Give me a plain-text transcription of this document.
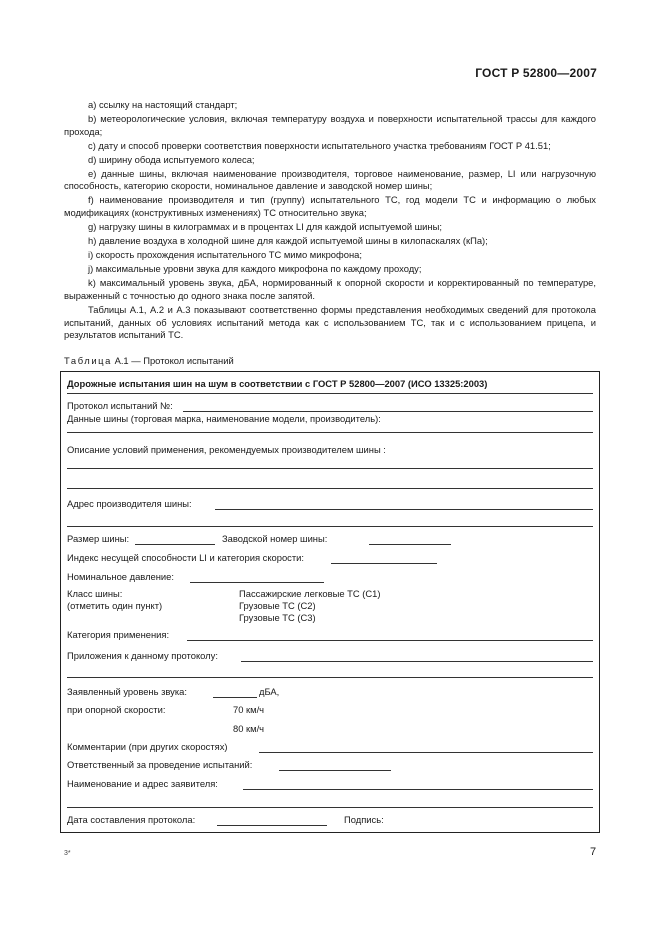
ГОСТ Р 52800—2007

а) ссылку на настоящий стандарт;

b) метеорологические условия, включая температуру воздуха и поверхности испытательной трассы для каждого прохода;

с) дату и способ проверки соответствия поверхности испытательного участка требованиям ГОСТ Р 41.51;

d) ширину обода испытуемого колеса;

e) данные шины, включая наименование производителя, торговое наименование, размер, LI или нагрузочную способность, категорию скорости, номинальное давление и заводской номер шины;

f) наименование производителя и тип (группу) испытательного ТС, год модели ТС и информацию о любых модификациях (конструктивных изменениях) ТС относительно звука;

g) нагрузку шины в килограммах и в процентах LI для каждой испытуемой шины;

h) давление воздуха в холодной шине для каждой испытуемой шины в килопаскалях (кПа);

i) скорость прохождения испытательного ТС мимо микрофона;

j) максимальные уровни звука для каждого микрофона по каждому проходу;

k) максимальный уровень звука, дБА, нормированный к опорной скорости и корректированный по температуре, выраженный с точностью до одного знака после запятой.

Таблицы А.1, А.2 и А.3 показывают соответственно формы представления необходимых сведений для протокола испытаний, данных об условиях испытаний метода как с использованием ТС, так и с использованием прицепа, и результатов испытаний ТС.

Таблица А.1 — Протокол испытаний
Дорожные испытания шин на шум в соответствии с ГОСТ Р 52800—2007 (ИСО 13325:2003)
Протокол испытаний №:
Данные шины (торговая марка, наименование модели, производитель):
Описание условий применения, рекомендуемых производителем шины :
Адрес производителя шины:
Размер шины:	Заводской номер шины:
Индекс несущей способности LI и категория скорости:
Номинальное давление:
Класс шины:
(отметить один пункт)
Пассажирские легковые ТС (С1)
Грузовые ТС (С2)
Грузовые ТС (С3)
Категория применения:
Приложения к данному протоколу:
Заявленный уровень звука:	дБА,
при опорной скорости:	70 км/ч
80 км/ч
Комментарии (при других скоростях)
Ответственный за проведение испытаний:
Наименование и адрес заявителя:
Дата составления протокола:	Подпись:
3*	7
